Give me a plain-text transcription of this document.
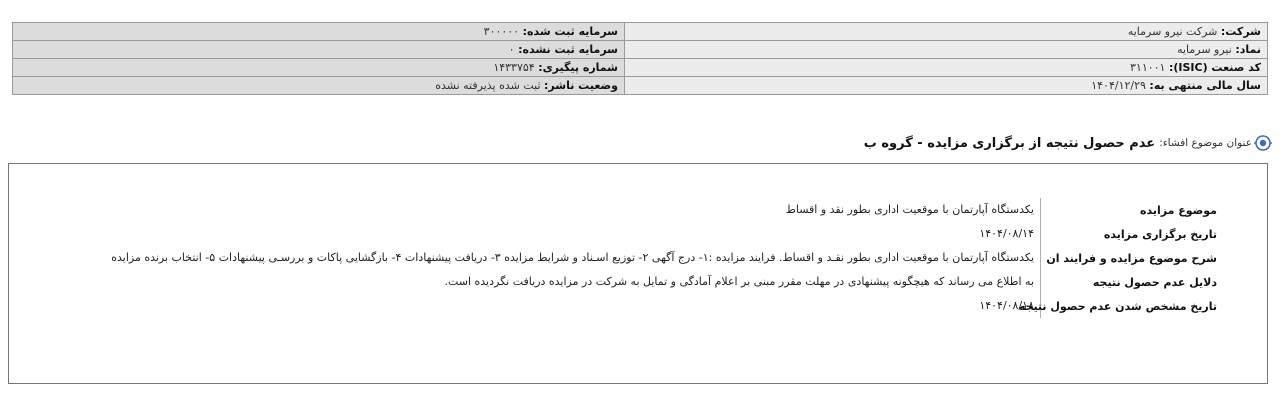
شرکت: شرکت نیرو سرمایه	سرمایه ثبت شده: ۳۰۰۰۰۰
نماد: نیرو سرمایه	سرمایه ثبت نشده: ۰
کد صنعت (ISIC): ۳۱۱۰۰۱	شماره پیگیری: ۱۴۳۳۷۵۴
سال مالی منتهی به: ۱۴۰۴/۱۲/۲۹	وضعیت ناشر: ثبت شده پذیرفته نشده
عنوان موضوع افشاء:
عدم حصول نتیجه از برگزاری مزایده - گروه ب
موضوع مزایده	یکدستگاه آپارتمان با موقعیت اداری بطور نقد و اقساط
تاریخ برگزاری مزایده	۱۴۰۴/۰۸/۱۴
شرح موضوع مزایده و فرایند ان	یکدستگاه آپارتمان با موقعیت اداری بطور نقـد و اقساط. فرایند مزایده :۱- درج آگهی ۲- توزیع اسـناد و شرایط مزایده ۳- دریافت پیشنهادات ۴- بازگشایی پاکات و بررسـی پیشنهادات ۵- انتخاب برنده مزایده
دلایل عدم حصول نتیجه	به اطلاع می رساند که هیچگونه پیشنهادی در مهلت مقرر مبنی بر اعلام آمادگی و تمایل به شرکت در مزایده دریافت نگردیده است.
تاریخ مشخص شدن عدم حصول نتیجه	۱۴۰۴/۰۸/۱۸
